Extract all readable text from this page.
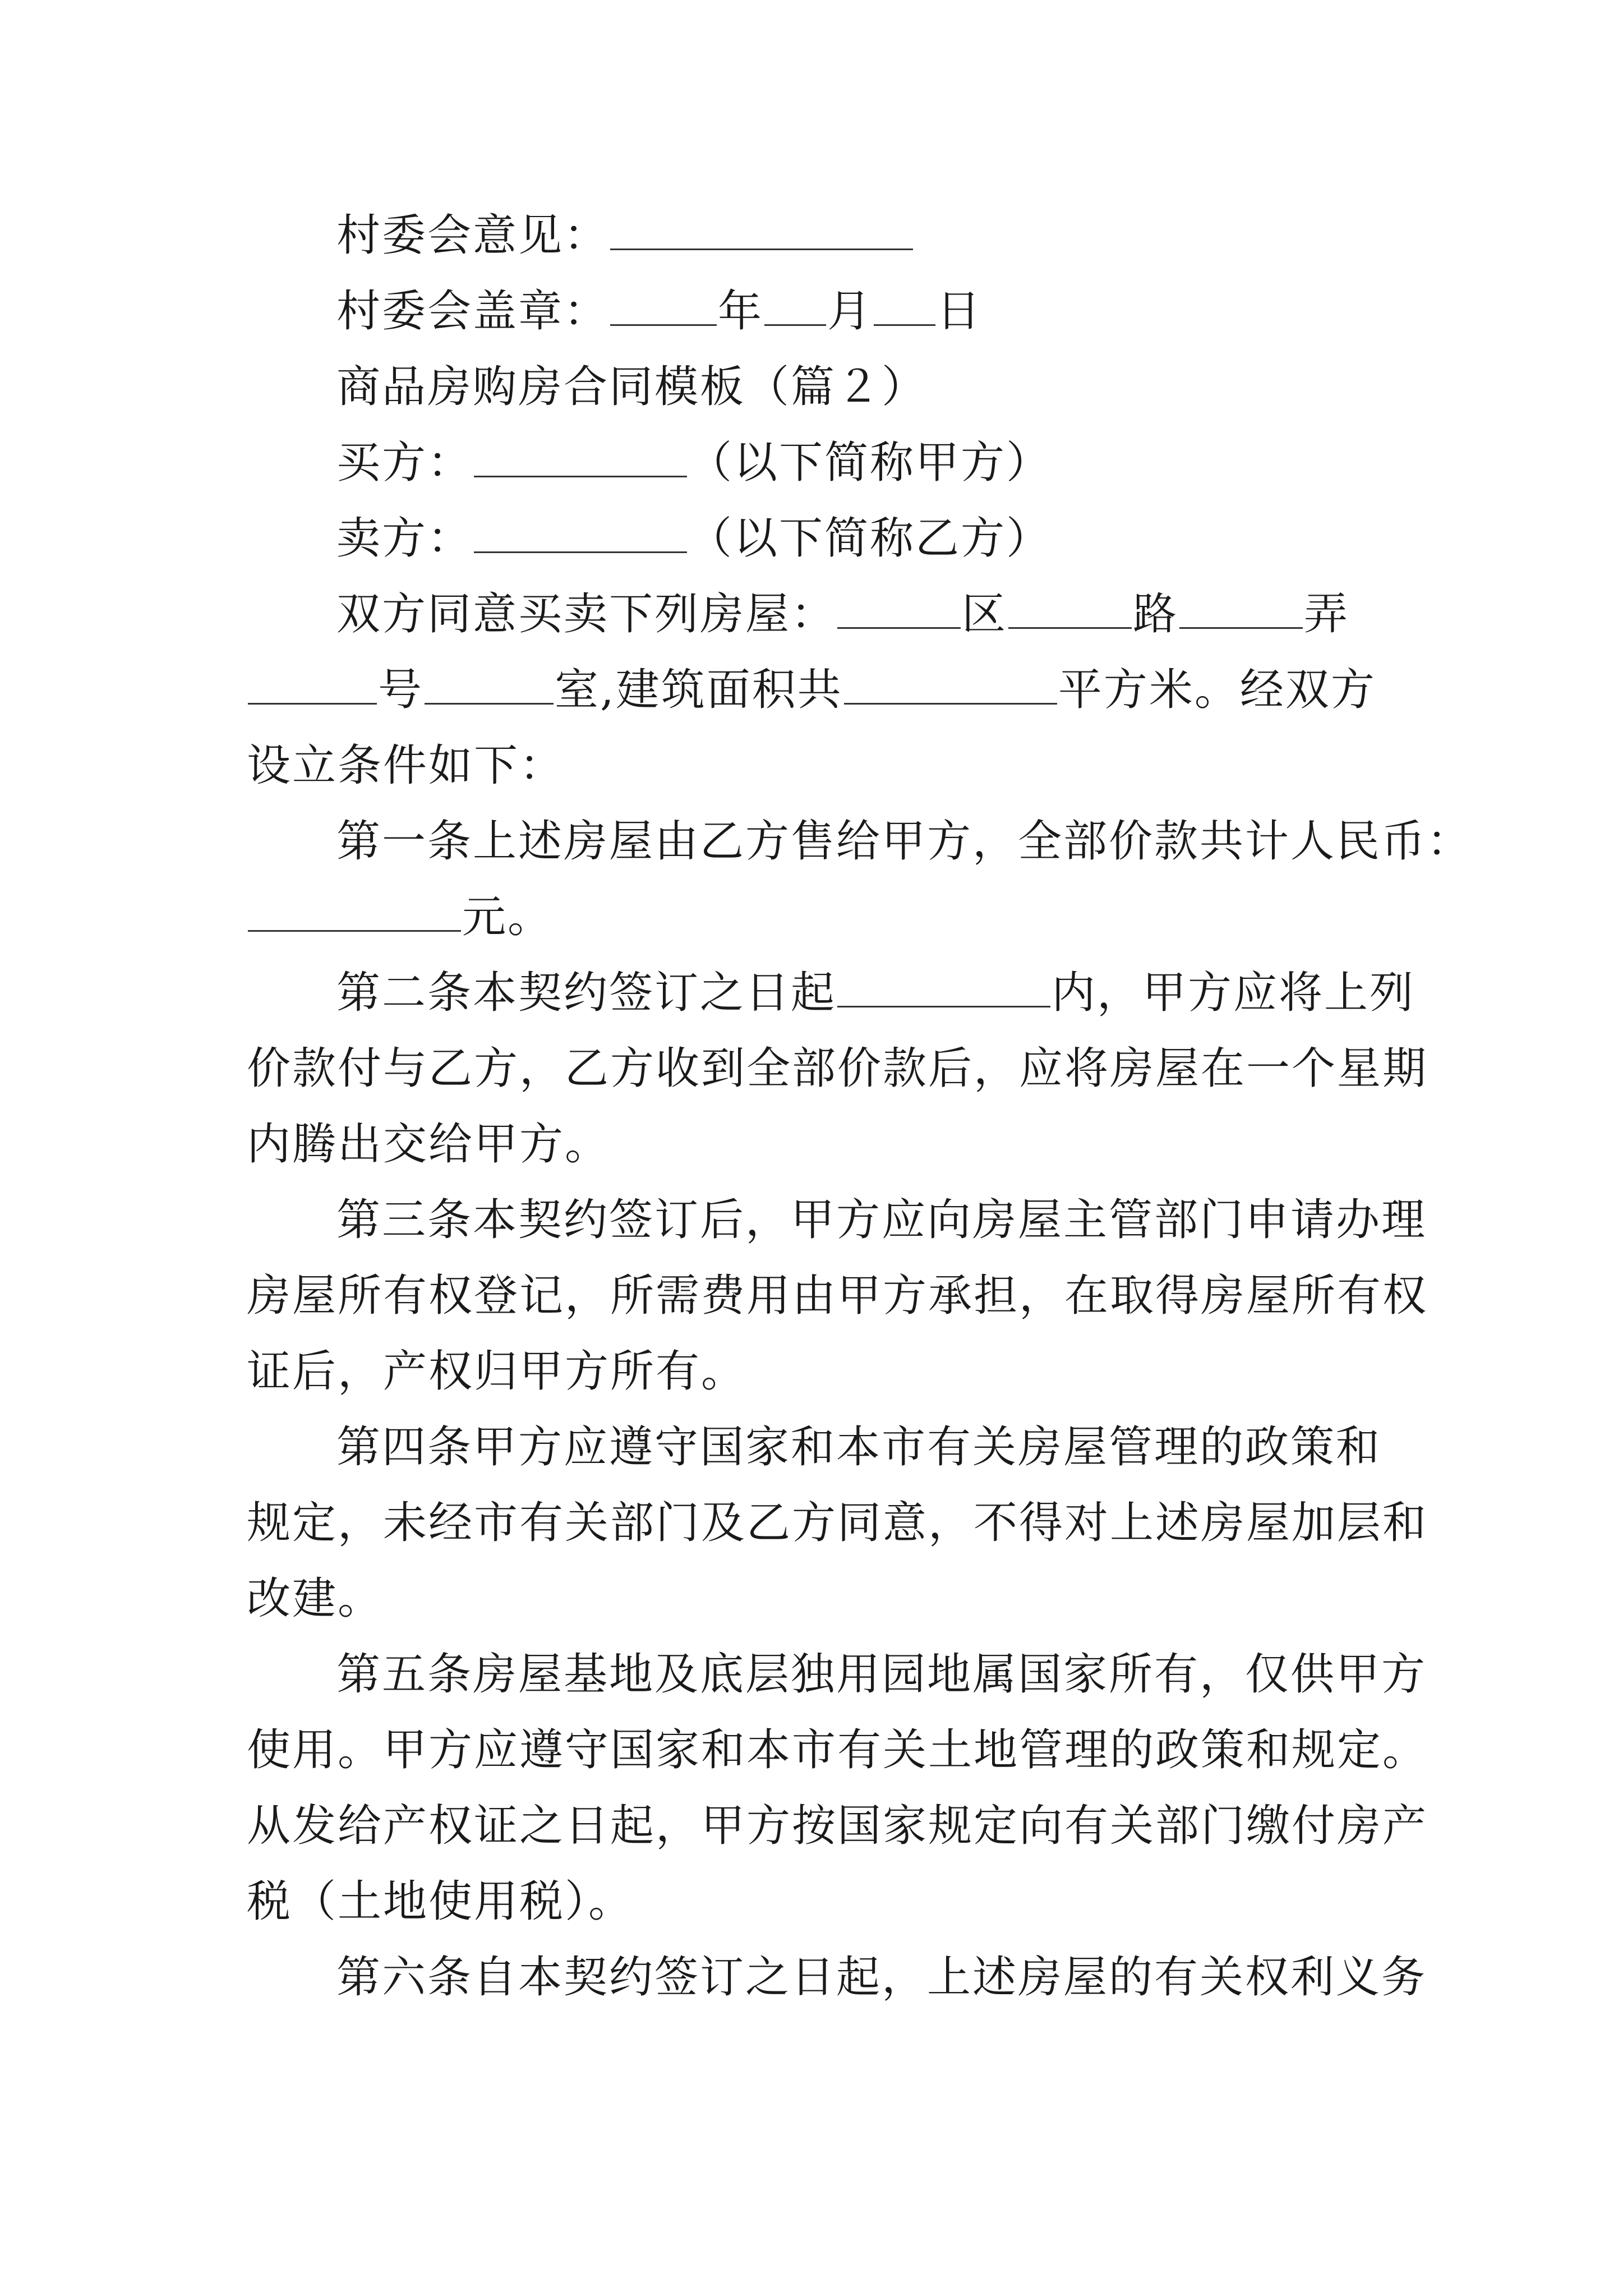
村委会意见：
村委会盖章： 年 月 日
商品房购房合同模板（篇２）
买方：	（以下简称甲方）
卖方：	（以下简称乙方）
双方同意买卖下列房屋：	区	路	弄
号	室,建筑面积共	平方米。经双方
设立条件如下：
第一条上述房屋由乙方售给甲方，全部价款共计人民币：
元。
第二条本契约签订之日起	内，甲方应将上列
价款付与乙方，乙方收到全部价款后，应将房屋在一个星期
内腾出交给甲方。
第三条本契约签订后，甲方应向房屋主管部门申请办理
房屋所有权登记，所需费用由甲方承担，在取得房屋所有权
证后，产权归甲方所有。
第四条甲方应遵守国家和本市有关房屋管理的政策和
规定，未经市有关部门及乙方同意，不得对上述房屋加层和
改建。
第五条房屋基地及底层独用园地属国家所有，仅供甲方
使用。甲方应遵守国家和本市有关土地管理的政策和规定。
从发给产权证之日起，甲方按国家规定向有关部门缴付房产
税（土地使用税）。
第六条自本契约签订之日起，上述房屋的有关权利义务
